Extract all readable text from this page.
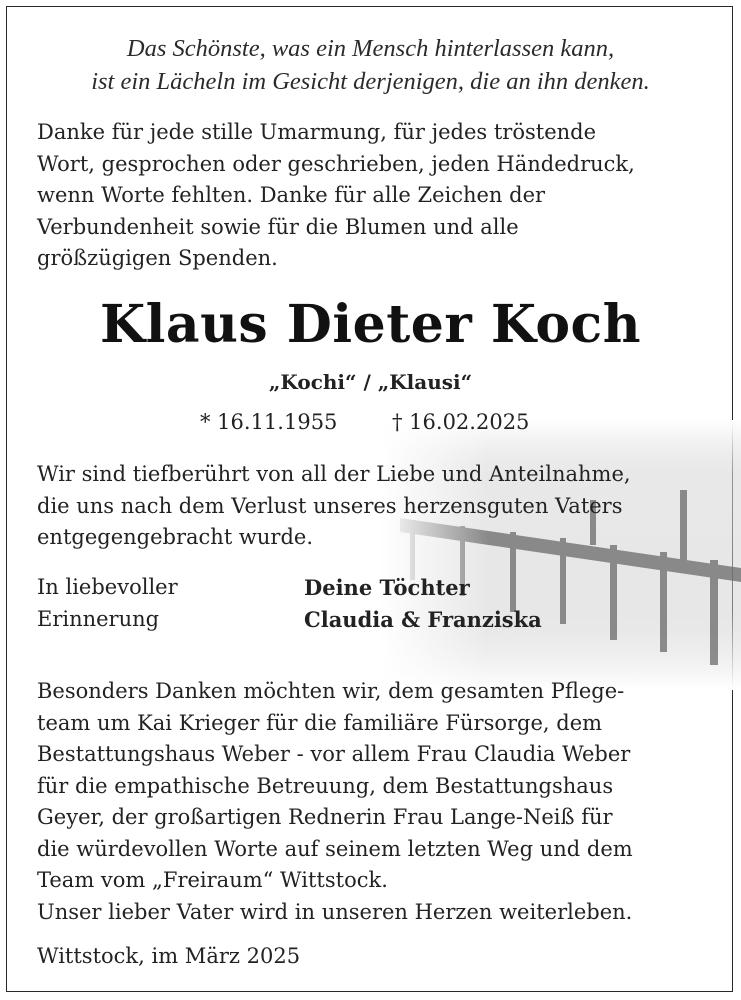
Das Schönste, was ein Mensch hinterlassen kann,
ist ein Lächeln im Gesicht derjenigen, die an ihn denken.
Danke für jede stille Umarmung, für jedes tröstende
Wort, gesprochen oder geschrieben, jeden Händedruck,
wenn Worte fehlten. Danke für alle Zeichen der
Verbundenheit sowie für die Blumen und alle
größzügigen Spenden.
Klaus Dieter Koch
„Kochi“ / „Klausi“
* 16.11.1955	† 16.02.2025
Wir sind tiefberührt von all der Liebe und Anteilnahme,
die uns nach dem Verlust unseres herzensguten Vaters
entgegengebracht wurde.
In liebevoller
Erinnerung
Deine Töchter
Claudia & Franziska
Besonders Danken möchten wir, dem gesamten Pflege-
team um Kai Krieger für die familiäre Fürsorge, dem
Bestattungshaus Weber - vor allem Frau Claudia Weber
für die empathische Betreuung, dem Bestattungshaus
Geyer, der großartigen Rednerin Frau Lange-Neiß für
die würdevollen Worte auf seinem letzten Weg und dem
Team vom „Freiraum“ Wittstock.
Unser lieber Vater wird in unseren Herzen weiterleben.
Wittstock, im März 2025
